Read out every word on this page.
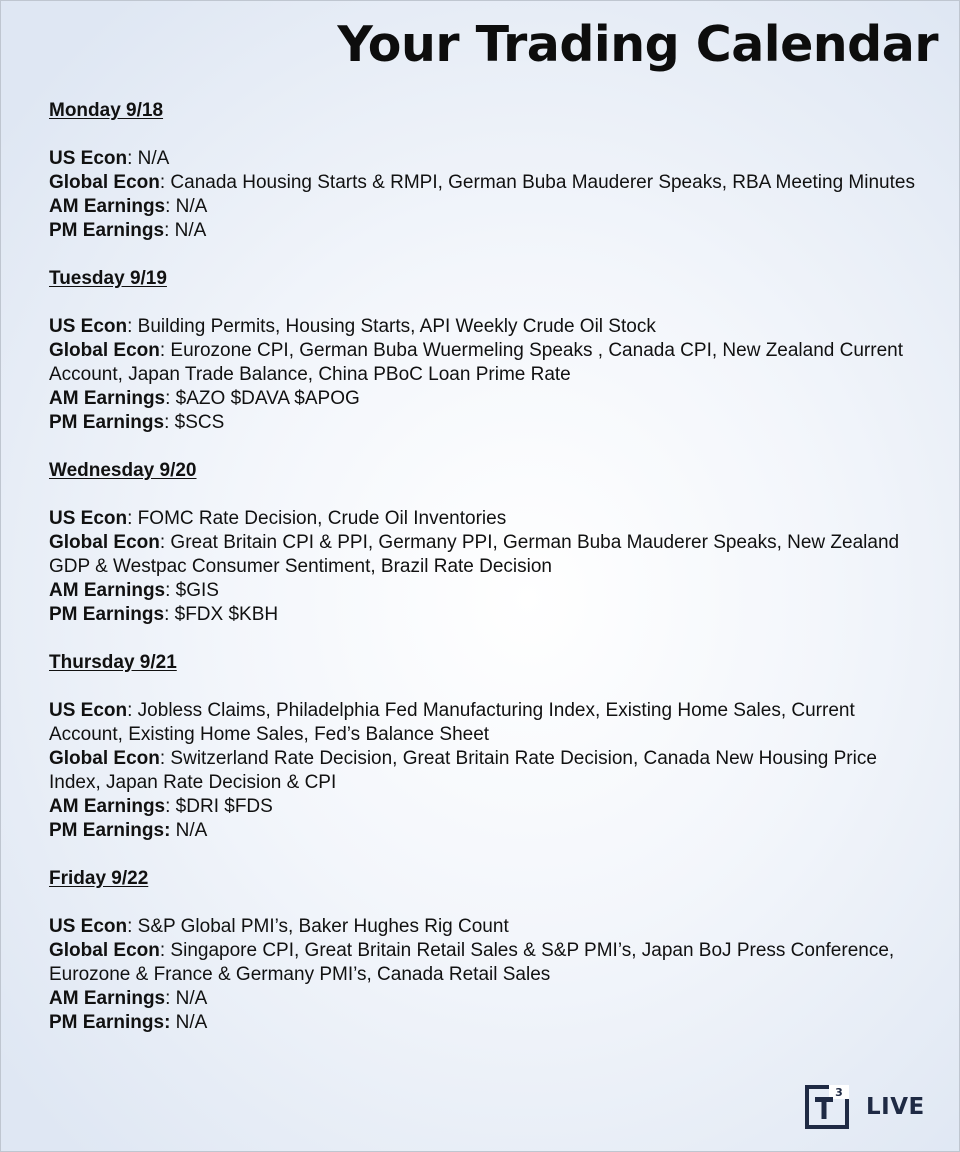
Your Trading Calendar
Monday 9/18
US Econ: N/A
Global Econ: Canada Housing Starts & RMPI, German Buba Mauderer Speaks, RBA Meeting Minutes
AM Earnings: N/A
PM Earnings: N/A
Tuesday 9/19
US Econ: Building Permits, Housing Starts, API Weekly Crude Oil Stock
Global Econ: Eurozone CPI, German Buba Wuermeling Speaks , Canada CPI, New Zealand Current Account, Japan Trade Balance, China PBoC Loan Prime Rate
AM Earnings: $AZO $DAVA $APOG
PM Earnings: $SCS
Wednesday 9/20
US Econ: FOMC Rate Decision, Crude Oil Inventories
Global Econ: Great Britain CPI & PPI, Germany PPI, German Buba Mauderer Speaks, New Zealand GDP & Westpac Consumer Sentiment, Brazil Rate Decision
AM Earnings: $GIS
PM Earnings: $FDX $KBH
Thursday 9/21
US Econ: Jobless Claims, Philadelphia Fed Manufacturing Index, Existing Home Sales, Current Account, Existing Home Sales, Fed’s Balance Sheet
Global Econ: Switzerland Rate Decision, Great Britain Rate Decision, Canada New Housing Price Index, Japan Rate Decision & CPI
AM Earnings: $DRI $FDS
PM Earnings: N/A
Friday 9/22
US Econ: S&P Global PMI’s, Baker Hughes Rig Count
Global Econ: Singapore CPI, Great Britain Retail Sales & S&P PMI’s, Japan BoJ Press Conference, Eurozone & France & Germany PMI’s, Canada Retail Sales
AM Earnings: N/A
PM Earnings: N/A
3
LIVE
